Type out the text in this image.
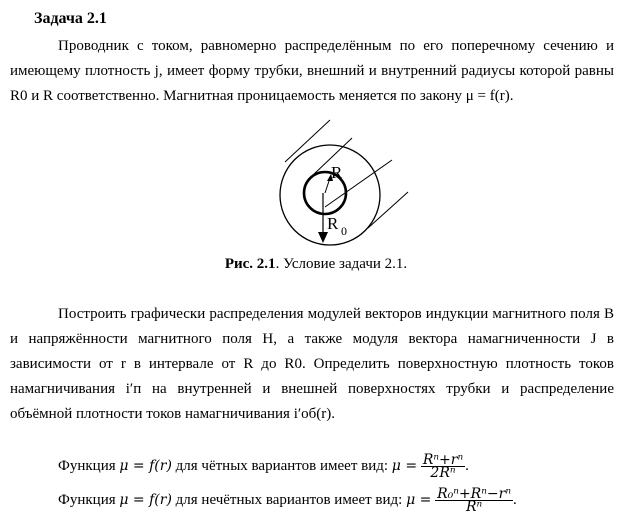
Задача 2.1

Проводник с током, равномерно распределённым по его поперечному сечению и имеющему плотность j, имеет форму трубки, внешний и внутренний радиусы которой равны R0 и R соответственно. Магнитная проницаемость меняется по закону μ = f(r).

R
R 0
Рис. 2.1. Условие задачи 2.1.

Построить графически распределения модулей векторов индукции магнитного поля B и напряжённости магнитного поля H, а также модуля вектора намагниченности J в зависимости от r в интервале от R до R0. Определить поверхностную плотность токов намагничивания i′п на внутренней и внешней поверхностях трубки и распределение объёмной плотности токов намагничивания i′об(r).

Функция μ = f(r) для чётных вариантов имеет вид: $\mu = \frac{\text{Rⁿ+rⁿ}}{\text{2Rⁿ}}$ .
Функция μ = f(r) для нечётных вариантов имеет вид: $\mu = \frac{\text{R₀ⁿ+Rⁿ−rⁿ}}{\text{Rⁿ}}$ .
